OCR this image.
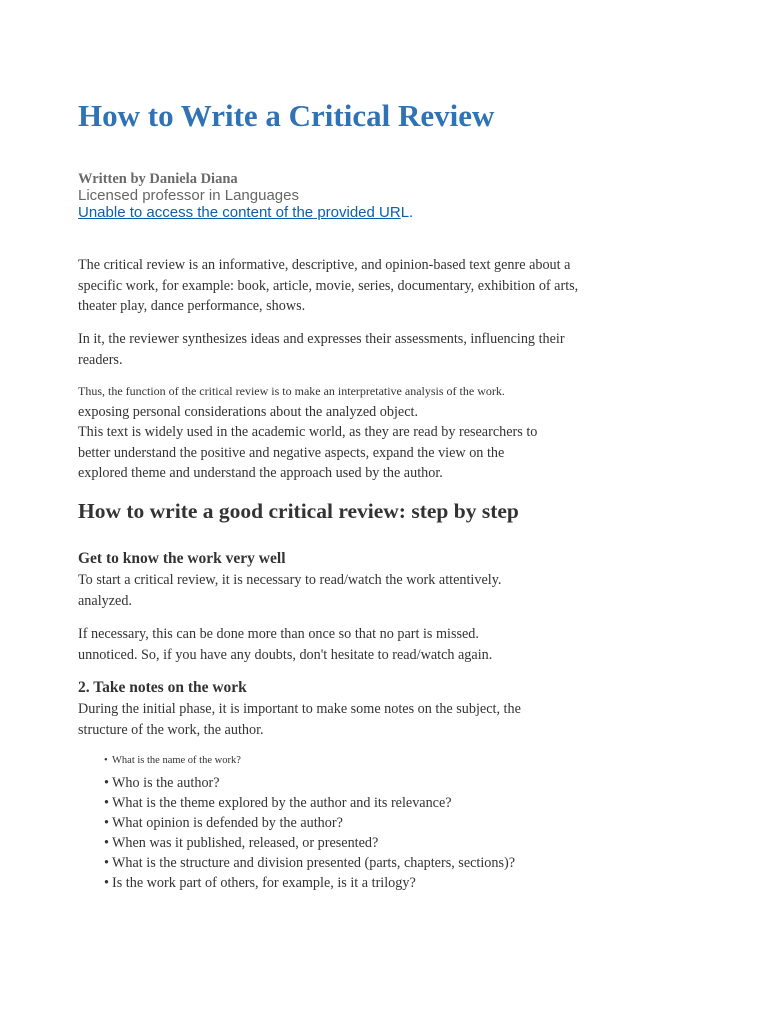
How to Write a Critical Review
Written by Daniela Diana
Licensed professor in Languages
Unable to access the content of the provided URL.

The critical review is an informative, descriptive, and opinion-based text genre about a specific work, for example: book, article, movie, series, documentary, exhibition of arts, theater play, dance performance, shows.

In it, the reviewer synthesizes ideas and expresses their assessments, influencing their readers.

Thus, the function of the critical review is to make an interpretative analysis of the work.
exposing personal considerations about the analyzed object.
This text is widely used in the academic world, as they are read by researchers to better understand the positive and negative aspects, expand the view on the explored theme and understand the approach used by the author.

How to write a good critical review: step by step
Get to know the work very well

To start a critical review, it is necessary to read/watch the work attentively. analyzed.

If necessary, this can be done more than once so that no part is missed. unnoticed. So, if you have any doubts, don't hesitate to read/watch again.

2. Take notes on the work

During the initial phase, it is important to make some notes on the subject, the structure of the work, the author.

• What is the name of the work?
• Who is the author?
• What is the theme explored by the author and its relevance?
• What opinion is defended by the author?
• When was it published, released, or presented?
• What is the structure and division presented (parts, chapters, sections)?
• Is the work part of others, for example, is it a trilogy?
